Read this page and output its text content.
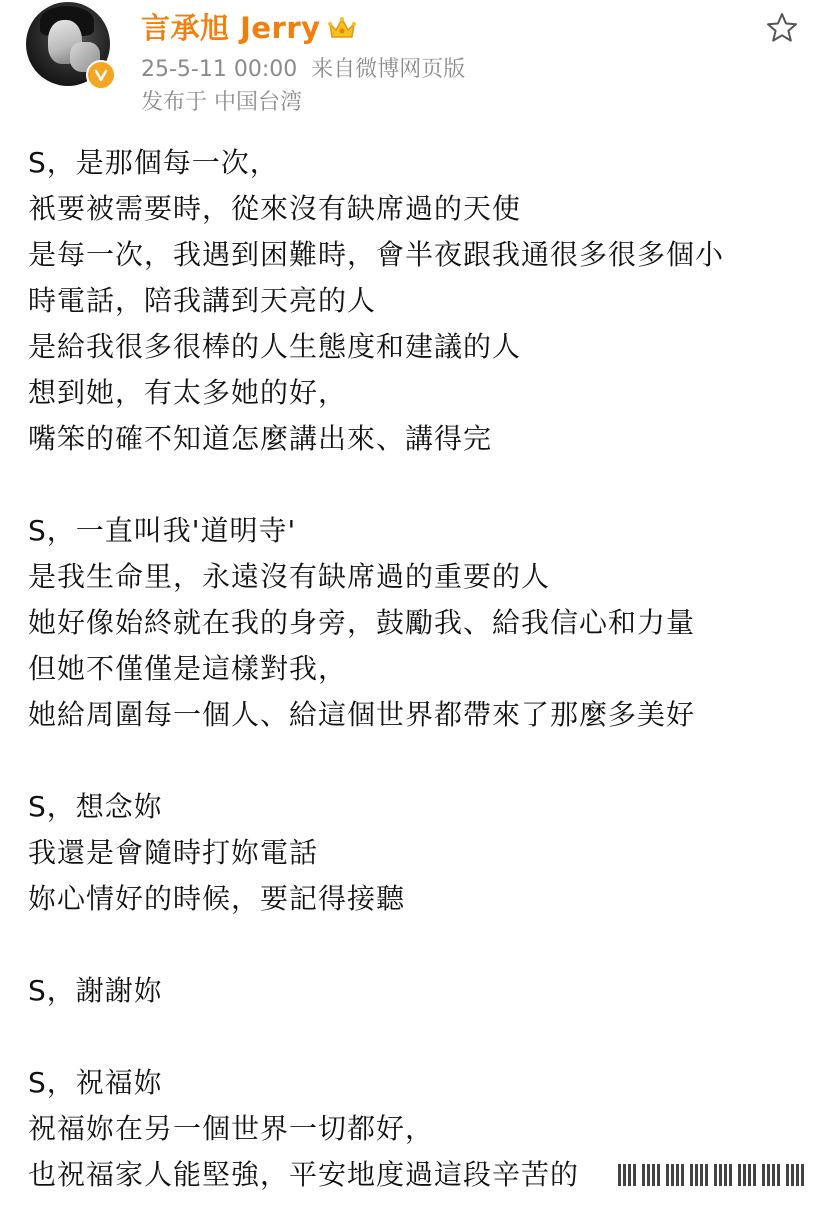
言承旭 Jerry
25-5-11 00:00 来自微博网页版
发布于 中国台湾
S，是那個每一次，
衹要被需要時，從來沒有缺席過的天使
是每一次，我遇到困難時，會半夜跟我通很多很多個小
時電話，陪我講到天亮的人
是給我很多很棒的人生態度和建議的人
想到她，有太多她的好，
嘴笨的確不知道怎麼講出來、講得完
S，一直叫我'道明寺'
是我生命里，永遠沒有缺席過的重要的人
她好像始終就在我的身旁，鼓勵我、給我信心和力量
但她不僅僅是這樣對我，
她給周圍每一個人、給這個世界都帶來了那麼多美好
S，想念妳
我還是會隨時打妳電話
妳心情好的時候，要記得接聽
S，謝謝妳
S，祝福妳
祝福妳在另一個世界一切都好，
也祝福家人能堅強，平安地度過這段辛苦的
